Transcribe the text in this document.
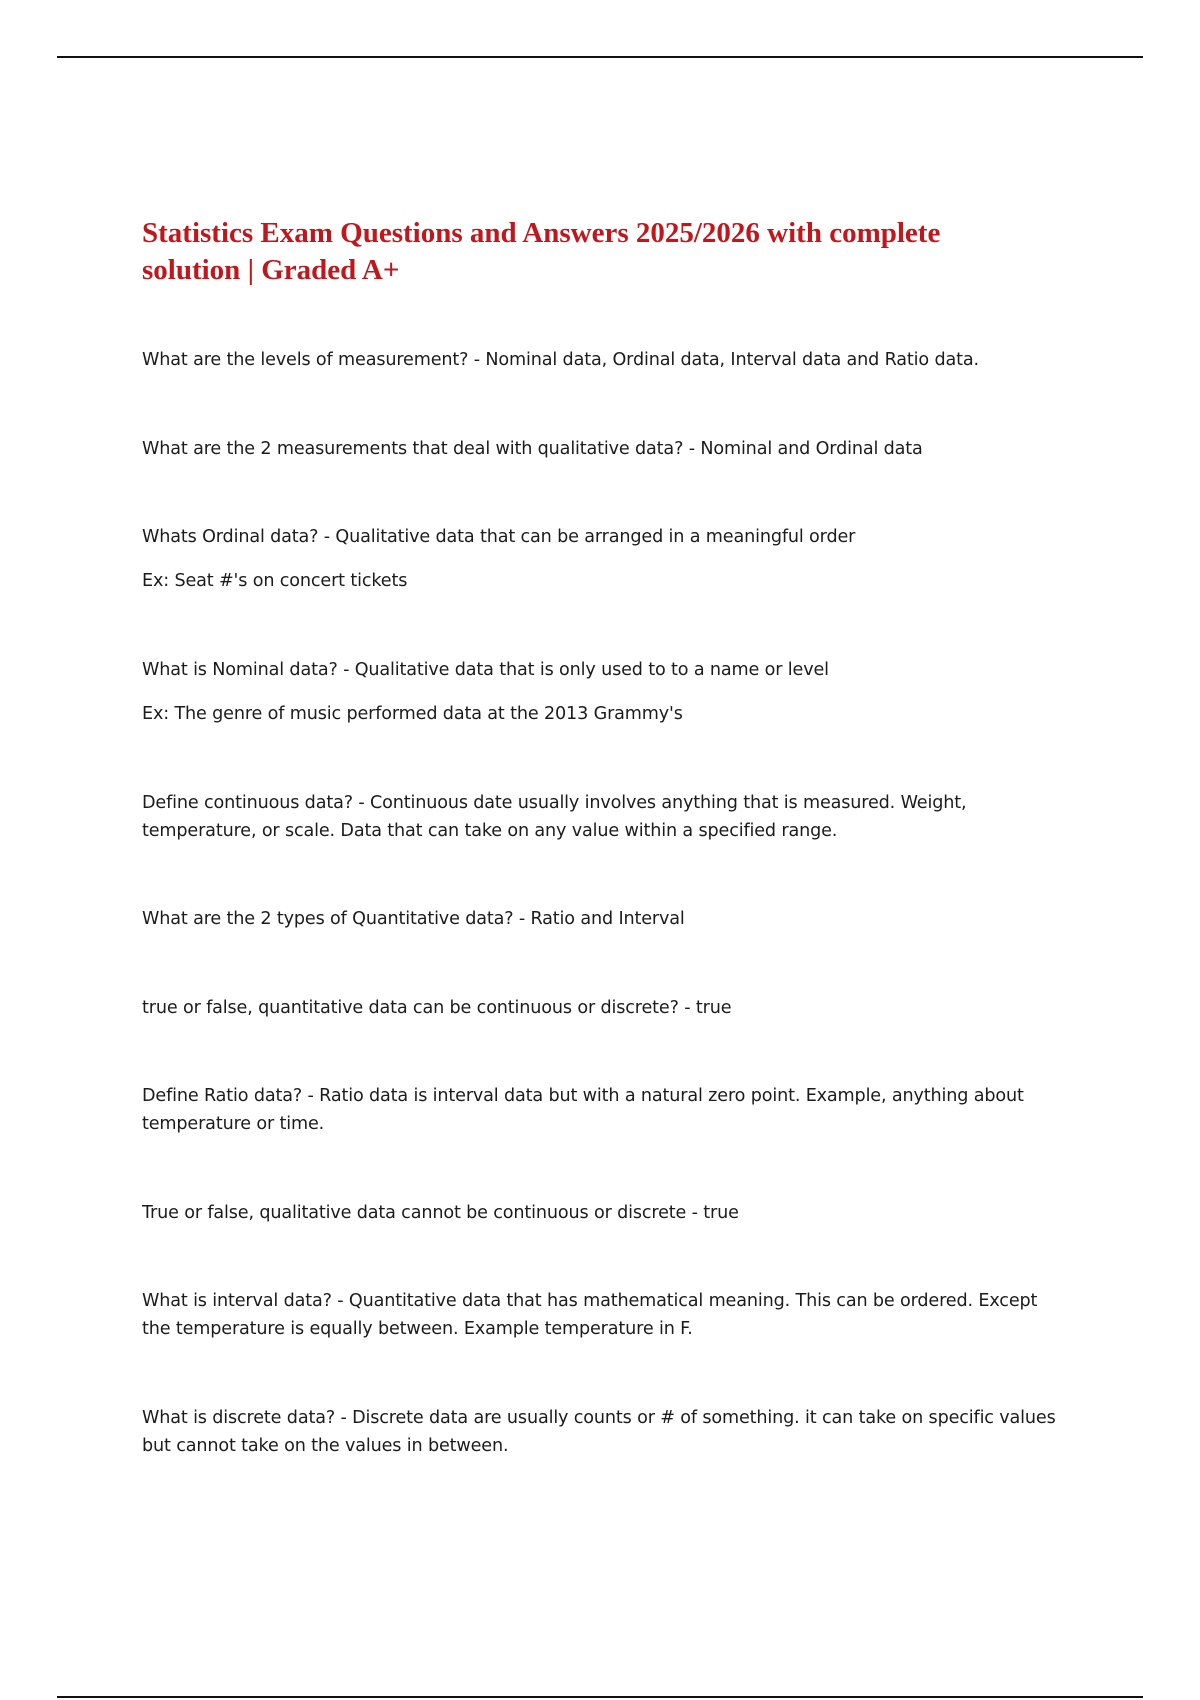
Statistics Exam Questions and Answers 2025/2026 with complete
solution | Graded A+

What are the levels of measurement? - Nominal data, Ordinal data, Interval data and Ratio data.

What are the 2 measurements that deal with qualitative data? - Nominal and Ordinal data

Whats Ordinal data? - Qualitative data that can be arranged in a meaningful order

Ex: Seat #'s on concert tickets

What is Nominal data? - Qualitative data that is only used to to a name or level

Ex: The genre of music performed data at the 2013 Grammy's

Define continuous data? - Continuous date usually involves anything that is measured. Weight,

temperature, or scale. Data that can take on any value within a specified range.

What are the 2 types of Quantitative data? - Ratio and Interval

true or false, quantitative data can be continuous or discrete? - true

Define Ratio data? - Ratio data is interval data but with a natural zero point. Example, anything about

temperature or time.

True or false, qualitative data cannot be continuous or discrete - true

What is interval data? - Quantitative data that has mathematical meaning. This can be ordered. Except

the temperature is equally between. Example temperature in F.

What is discrete data? - Discrete data are usually counts or # of something. it can take on specific values

but cannot take on the values in between.
